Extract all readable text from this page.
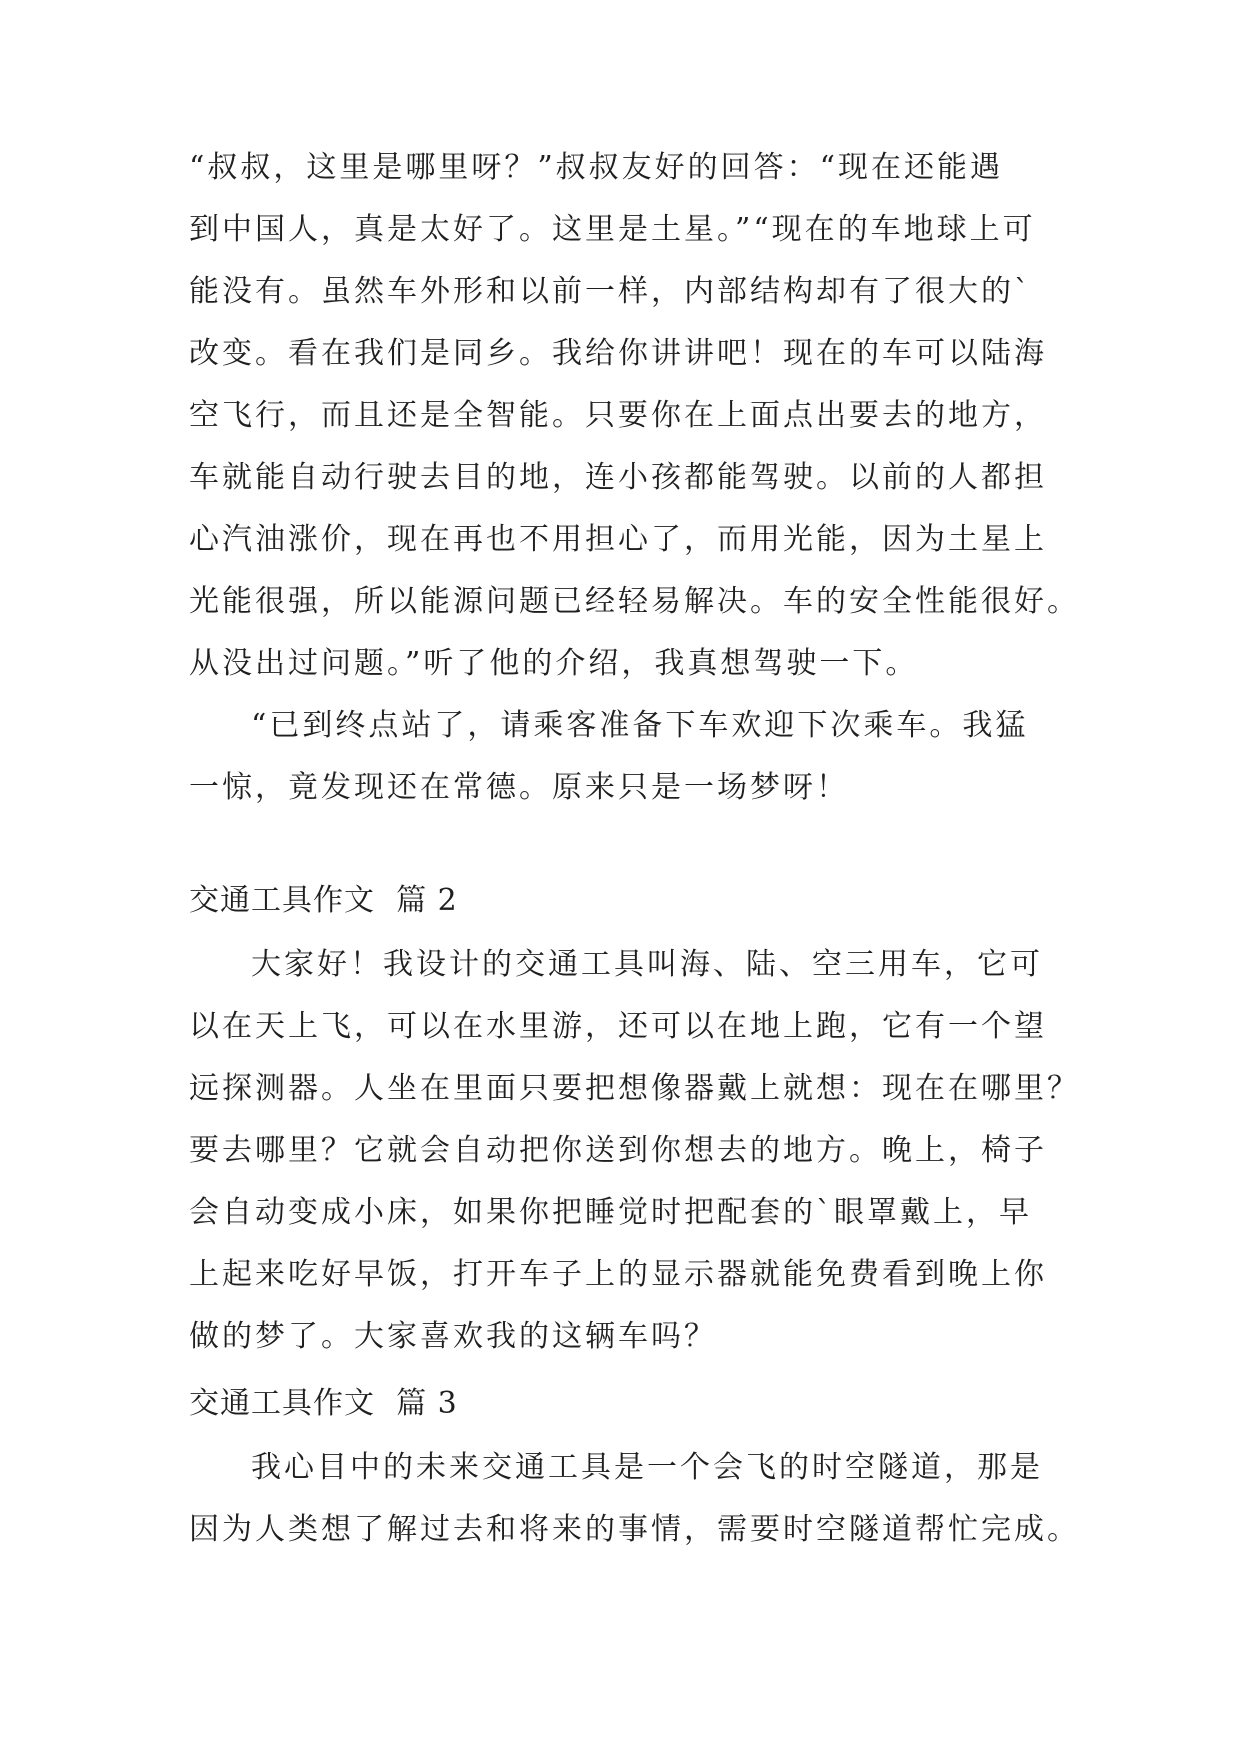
“叔叔，这里是哪里呀？”叔叔友好的回答：“现在还能遇
到中国人，真是太好了。这里是土星。”“现在的车地球上可
能没有。虽然车外形和以前一样，内部结构却有了很大的`
改变。看在我们是同乡。我给你讲讲吧！现在的车可以陆海
空飞行，而且还是全智能。只要你在上面点出要去的地方，
车就能自动行驶去目的地，连小孩都能驾驶。以前的人都担
心汽油涨价，现在再也不用担心了，而用光能，因为土星上
光能很强，所以能源问题已经轻易解决。车的安全性能很好。
从没出过问题。”听了他的介绍，我真想驾驶一下。
“已到终点站了，请乘客准备下车欢迎下次乘车。我猛
一惊，竟发现还在常德。原来只是一场梦呀！
交通工具作文  篇 2
大家好！我设计的交通工具叫海、陆、空三用车，它可
以在天上飞，可以在水里游，还可以在地上跑，它有一个望
远探测器。人坐在里面只要把想像器戴上就想：现在在哪里？
要去哪里？它就会自动把你送到你想去的地方。晚上，椅子
会自动变成小床，如果你把睡觉时把配套的`眼罩戴上，早
上起来吃好早饭，打开车子上的显示器就能免费看到晚上你
做的梦了。大家喜欢我的这辆车吗？
交通工具作文  篇 3
我心目中的未来交通工具是一个会飞的时空隧道，那是
因为人类想了解过去和将来的事情，需要时空隧道帮忙完成。
